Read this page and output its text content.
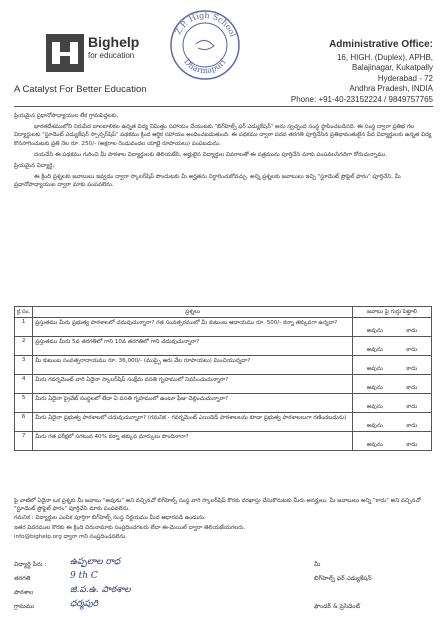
Bighelp
for education
Z.P. High School
Dharmapuri
Administrative Office:
16, HIGH. (Duplex), APHB,
Balajinagar, Kukatpally
Hyderabad - 72
Andhra Pradesh, INDIA
A Catalyst For Better Education
Phone: +91-40-23152224 / 9849757765

ప్రియమైన ప్రధానోపాధ్యాయుల లేక గ్రామపెద్దలకు,

భారతదేశములోని నిరుపేద బాలబాలికల ఉన్నత విద్య నిమిత్తం సహాయం చేయుటకు "బిగ్‌హెల్ప్ ఫర్ ఎడ్యుకేషన్" అను స్వచ్ఛంద సంస్థ స్థాపించబడినది. ఈ సంస్థ ద్వారా ప్రతిభ గల విద్యార్థులకు "స్టూడెంట్ ఎడ్యుకేషన్ స్పాన్సర్‌షిప్" పథకము క్రింద ఆర్థిక సహాయం అందించబడుతుంది. ఈ పథకము ద్వారా పదవ తరగతి పూర్తిచేసిన ప్రతిభావంతులైన పేద విద్యార్థులకు ఉన్నత విద్య కొనసాగించుటకు ప్రతి నెల రూ. 250/- (అక్షరాల రెండువందల యాభై రూపాయలు) పంపబడును.

దయచేసి ఈ పథకము గురించి మీ పాఠశాల విద్యార్థులకు తెలియజేసి, అర్హులైన విద్యార్థుల వివరాలతో ఈ పత్రమును పూర్తిచేసి మాకు పంపవలసినదిగా కోరుచున్నాము.

ప్రియమైన విద్యార్థి,

ఈ క్రింది ప్రశ్నలకు జవాబులు ఇవ్వడం ద్వారా స్కాలర్‌షిప్ పొందుటకు మీ అర్హతను నిర్ధారించుకోవచ్చు. అన్ని ప్రశ్నలకు జవాబులు ఇచ్చి "స్టూడెంట్ ప్రొఫైల్ ఫారం" పూర్తిచేసి, మీ ప్రధానోపాధ్యాయుల ద్వారా మాకు పంపవలెను.

క్ర.సం.	ప్రశ్నలు	జవాబు పై గుర్తు పెట్టాలి
1	ప్రస్తుతము మీరు ప్రభుత్వ పాఠశాలలో చదువుచున్నారా? గత సంవత్సరములో మీ కుటుంబ ఆదాయము రూ. 500/- కన్నా తక్కువగా ఉన్నదా?	అవును కాదు

2	ప్రస్తుతము మీరు 5వ తరగతిలో గాని 10వ తరగతిలో గాని చదువుచున్నారా?	అవును కాదు

3	మీ కుటుంబ సంవత్సరాదాయము రూ. 36,000/- (ముప్పై ఆరు వేల రూపాయలు) మించియున్నదా?	అవును కాదు

4	మీరు గవర్నమెంట్ వారి ఏదైనా స్కాలర్‌షిప్ సంక్షేమ వసతి గృహములో నివసించుచున్నారా?	అవును కాదు

5	మీరు ఏదైనా ప్రైవేట్ సంస్థలలో లేదా ఏ వసతి గృహములో ఉంటూ ఫీజు చెల్లించుచున్నారా?	అవును కాదు

6	మీరు ఏదైనా ప్రభుత్వ పాఠశాలలో చదువుచున్నారా? (గమనిక - గవర్నమెంట్ ఎయిడెడ్ పాఠశాలలను కూడా ప్రభుత్వ పాఠశాలలుగా గణించబడును)	అవును కాదు

7	మీరు గత పరీక్షలో సగటున 40% కన్నా తక్కువ మార్కులు పొందినారా?	అవును కాదు

పై వాటిలో ఏదైనా ఒక ప్రశ్నకు మీ జవాబు "అవును" అని వచ్చినచో బిగ్‌హెల్ప్ సంస్థ వారి స్కాలర్‌షిప్ కొరకు దరఖాస్తు చేసుకొనుటకు మీరు అనర్హులు. మీ జవాబులు అన్ని "కాదు" అని వచ్చినచో "స్టూడెంట్ ప్రొఫైల్ ఫారం" పూర్తిచేసి మాకు పంపవలెను.

గమనిక : విద్యార్థుల ఎంపిక పూర్తిగా బిగ్‌హెల్ప్ సంస్థ నిర్ణయము మీద ఆధారపడి ఉండును.

ఇతర వివరముల కొరకు ఈ క్రింది చిరునామాకు సంప్రదించగలరు లేదా ఈ-మెయిల్ ద్వారా తెలియజేయగలరు.

info@bighelp.org ద్వారా గాని సంప్రదించవలెను.

విద్యార్థి పేరు :	ఉప్పలాల రాధ	మీ
తరగతి	9 th C	బిగ్‌హెల్ప్ ఫర్ ఎడ్యుకేషన్
పాఠశాల	జి.ప.ఉ. పాఠశాల
గ్రామము	ధర్మపురి	ఫౌండర్ & ప్రెసిడెంట్
